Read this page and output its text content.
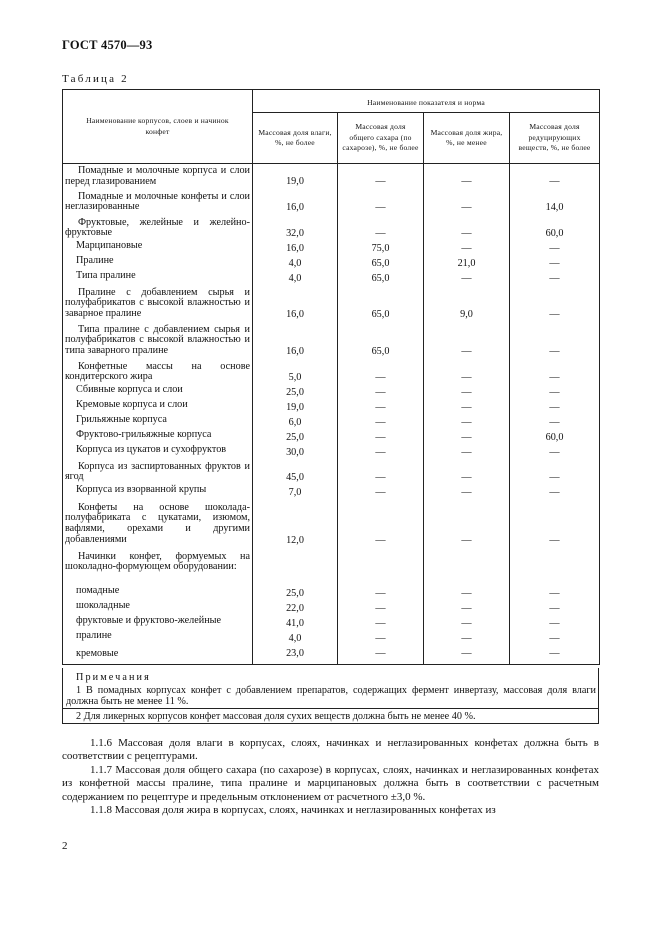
ГОСТ 4570—93
Таблица 2
Наименование корпусов, слоев и начинок конфет	Наименование показателя и норма			
	Массовая доля влаги, %, не более	Массовая доля общего сахара (по сахарозе), %, не более	Массовая доля жира, %, не менее	Массовая доля редуцирующих веществ, %, не более
Помадные и молочные корпуса и слои перед глазированием	19,0	—	—	—
Помадные и молочные конфеты и слои неглазированные	16,0	—	—	14,0
Фруктовые, желейные и желейно-фруктовые	32,0	—	—	60,0
Марципановые	16,0	75,0	—	—
Пралине	4,0	65,0	21,0	—
Типа пралине	4,0	65,0	—	—
Пралине с добавлением сырья и полуфабрикатов с высокой влажностью и заварное пралине	16,0	65,0	9,0	—
Типа пралине с добавлением сырья и полуфабрикатов с высокой влажностью и типа заварного пралине	16,0	65,0	—	—
Конфетные массы на основе кондитерского жира	5,0	—	—	—
Сбивные корпуса и слои	25,0	—	—	—
Кремовые корпуса и слои	19,0	—	—	—
Грильяжные корпуса	6,0	—	—	—
Фруктово-грильяжные корпуса	25,0	—	—	60,0
Корпуса из цукатов и сухофруктов	30,0	—	—	—
Корпуса из заспиртованных фруктов и ягод	45,0	—	—	—
Корпуса из взорванной крупы	7,0	—	—	—
Конфеты на основе шоколада-полуфабриката с цукатами, изюмом, вафлями, орехами и другими добавлениями	12,0	—	—	—
Начинки конфет, формуемых на шоколадно-формующем оборудовании:				
помадные	25,0	—	—	—
шоколадные	22,0	—	—	—
фруктовые и фруктово-желейные	41,0	—	—	—
пралине	4,0	—	—	—
кремовые	23,0	—	—	—
Примечания
1 В помадных корпусах конфет с добавлением препаратов, содержащих фермент инвертазу, массовая доля влаги должна быть не менее 11 %.
2 Для ликерных корпусов конфет массовая доля сухих веществ должна быть не менее 40 %.
1.1.6 Массовая доля влаги в корпусах, слоях, начинках и неглазированных конфетах должна быть в соответствии с рецептурами.
1.1.7 Массовая доля общего сахара (по сахарозе) в корпусах, слоях, начинках и неглазированных конфетах из конфетной массы пралине, типа пралине и марципановых должна быть в соответствии с расчетным содержанием по рецептуре и предельным отклонением от расчетного ±3,0 %.
1.1.8 Массовая доля жира в корпусах, слоях, начинках и неглазированных конфетах из
2
